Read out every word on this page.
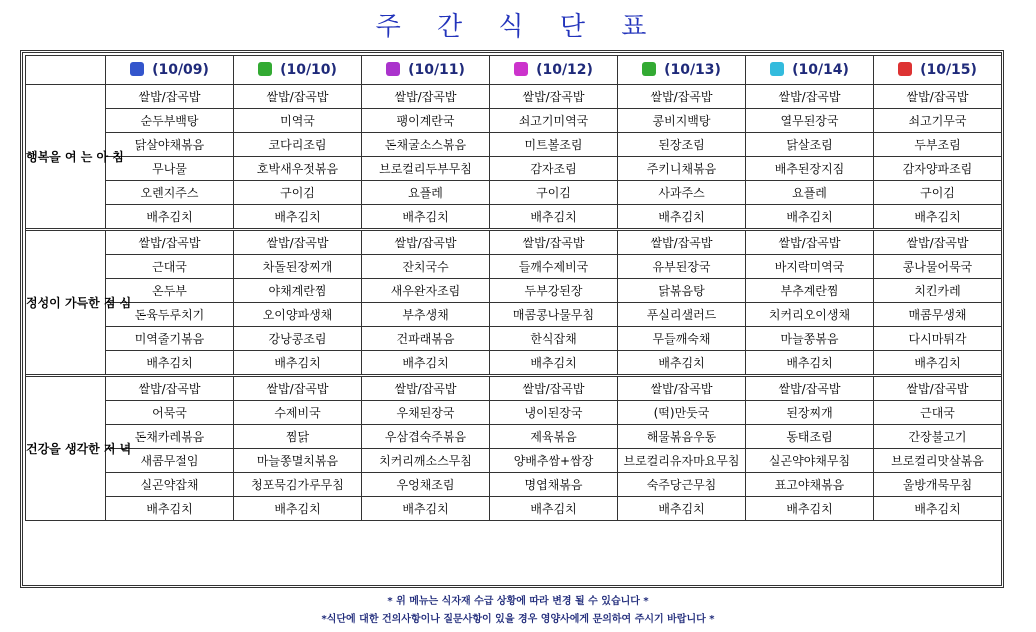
주 간 식 단 표
	(10/09)	(10/10)	(10/11)	(10/12)	(10/13)	(10/14)	(10/15)
행복을 여 는 아 침	쌀밥/잡곡밥	쌀밥/잡곡밥	쌀밥/잡곡밥	쌀밥/잡곡밥	쌀밥/잡곡밥	쌀밥/잡곡밥	쌀밥/잡곡밥
	순두부백탕	미역국	팽이계란국	쇠고기미역국	콩비지백탕	열무된장국	쇠고기무국
	닭살야채볶음	코다리조림	돈채굴소스볶음	미트볼조림	된장조림	닭살조림	두부조림
	무나물	호박새우젓볶음	브로컬리두부무침	감자조림	주키니채볶음	배추된장지짐	감자양파조림
	오렌지주스	구이김	요플레	구이김	사과주스	요플레	구이김
	배추김치	배추김치	배추김치	배추김치	배추김치	배추김치	배추김치

정성이 가득한 점 심	쌀밥/잡곡밥	쌀밥/잡곡밥	쌀밥/잡곡밥	쌀밥/잡곡밥	쌀밥/잡곡밥	쌀밥/잡곡밥	쌀밥/잡곡밥
	근대국	차돌된장찌개	잔치국수	들깨수제비국	유부된장국	바지락미역국	콩나물어묵국
	온두부	야채계란찜	새우완자조림	두부강된장	닭볶음탕	부추계란찜	치킨카레
	돈육두루치기	오이양파생채	부추생채	매콤콩나물무침	푸실리샐러드	치커리오이생채	매콤무생채
	미역줄기볶음	강낭콩조림	건파래볶음	한식잡채	무들깨숙채	마늘쫑볶음	다시마튀각
	배추김치	배추김치	배추김치	배추김치	배추김치	배추김치	배추김치

건강을 생각한 저 녁	쌀밥/잡곡밥	쌀밥/잡곡밥	쌀밥/잡곡밥	쌀밥/잡곡밥	쌀밥/잡곡밥	쌀밥/잡곡밥	쌀밥/잡곡밥
	어묵국	수제비국	우채된장국	냉이된장국	(떡)만둣국	된장찌개	근대국
	돈채카레볶음	찜닭	우삼겹숙주볶음	제육볶음	해물볶음우동	동태조림	간장불고기
	새콤무절임	마늘쫑멸치볶음	치커리깨소스무침	양배추쌈+쌈장	브로컬리유자마요무침	실곤약야채무침	브로컬리맛살볶음
	실곤약잡채	청포묵김가루무침	우엉채조림	명엽채볶음	숙주당근무침	표고야채볶음	울방개묵무침
	배추김치	배추김치	배추김치	배추김치	배추김치	배추김치	배추김치
* 위 메뉴는 식자재 수급 상황에 따라 변경 될 수 있습니다 *
*식단에 대한 건의사항이나 질문사항이 있을 경우 영양사에게 문의하여 주시기 바랍니다 *
